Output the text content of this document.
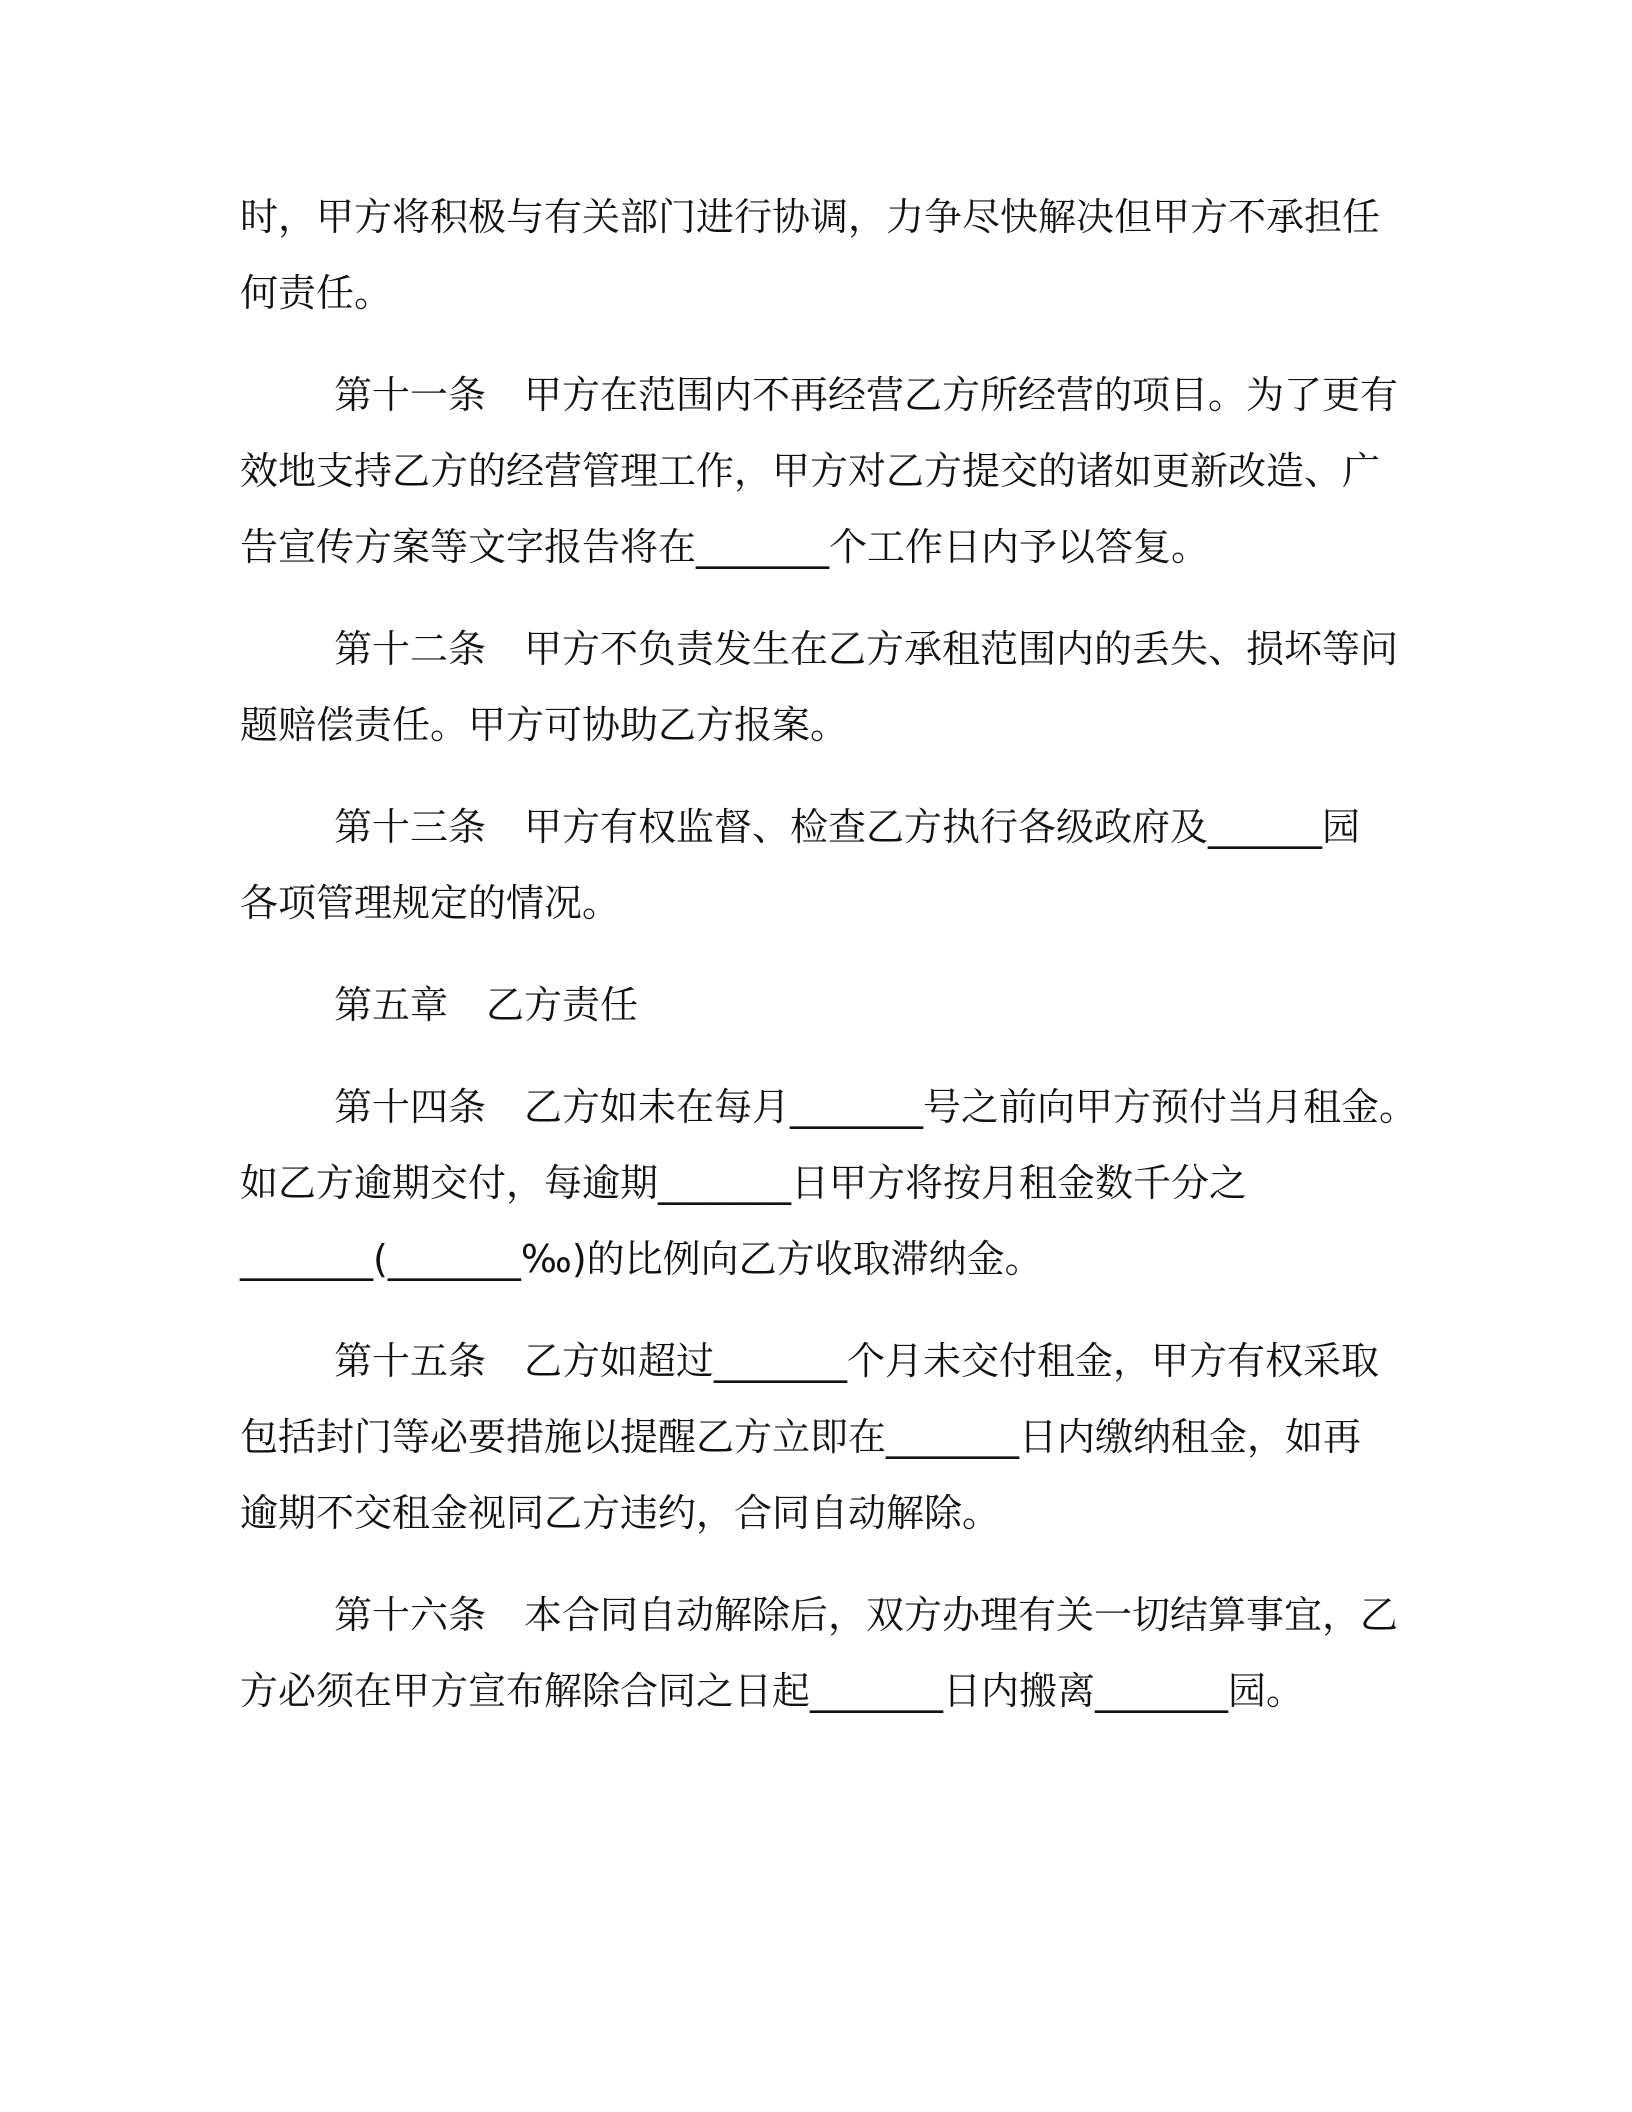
时，甲方将积极与有关部门进行协调，力争尽快解决但甲方不承担任
何责任。
第十一条　甲方在范围内不再经营乙方所经营的项目。为了更有
效地支持乙方的经营管理工作，甲方对乙方提交的诸如更新改造、广
告宣传方案等文字报告将在_______个工作日内予以答复。
第十二条　甲方不负责发生在乙方承租范围内的丢失、损坏等问
题赔偿责任。甲方可协助乙方报案。
第十三条　甲方有权监督、检查乙方执行各级政府及______园
各项管理规定的情况。
第五章　乙方责任
第十四条　乙方如未在每月_______号之前向甲方预付当月租金。
如乙方逾期交付，每逾期_______日甲方将按月租金数千分之
_______(_______‰)的比例向乙方收取滞纳金。
第十五条　乙方如超过_______个月未交付租金，甲方有权采取
包括封门等必要措施以提醒乙方立即在_______日内缴纳租金，如再
逾期不交租金视同乙方违约，合同自动解除。
第十六条　本合同自动解除后，双方办理有关一切结算事宜，乙
方必须在甲方宣布解除合同之日起_______日内搬离_______园。
